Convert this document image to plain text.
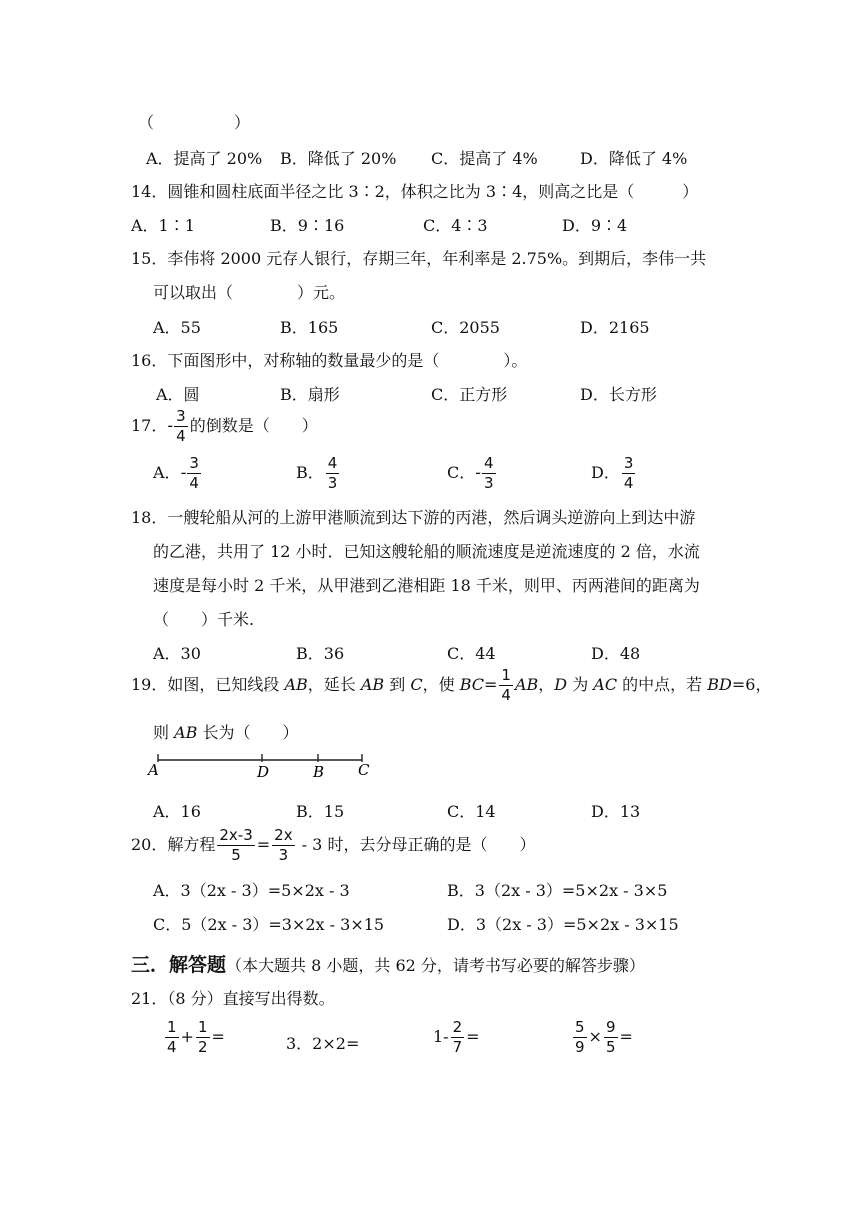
（　　　　　）
A．提高了 20% B．降低了 20% C．提高了 4%	D．降低了 4%
14．圆锥和圆柱底面半径之比 3∶2，体积之比为 3∶4，则高之比是（　　　）
A．1∶1	B．9∶16	C．4∶3	D．9∶4
15．李伟将 2000 元存人银行，存期三年，年利率是 2.75%。到期后，李伟一共
可以取出（　　　　）元。
A．55	B．165	C．2055	D．2165
16．下面图形中，对称轴的数量最少的是（　　　　）。
A．圆	B．扇形	C．正方形	D．长方形
17．- $\frac{3}{4}$ 的倒数是（　　）
A．- $\frac{3}{4}$	B． $\frac{4}{3}$	C．- $\frac{4}{3}$	D． $\frac{3}{4}$
18．一艘轮船从河的上游甲港顺流到达下游的丙港，然后调头逆游向上到达中游
的乙港，共用了 12 小时．已知这艘轮船的顺流速度是逆流速度的 2 倍，水流
速度是每小时 2 千米，从甲港到乙港相距 18 千米，则甲、丙两港间的距离为
（　　）千米.
A．30	B．36	C．44	D．48
19．如图，已知线段 AB，延长 AB 到 C，使 $BC= \frac{1}{4}$ AB，D 为 AC 的中点，若 BD=6，
则 AB 长为（　　）
A	D	B C
A．16	B．15	C．14	D．13
20．解方程 $\frac{2x-3}{5} = \frac{2x}{3} - 3$ 时，去分母正确的是（　　）
A．3（2x - 3）=5×2x - 3	B．3（2x - 3）=5×2x - 3×5
C．5（2x - 3）=3×2x - 3×15	D．3（2x - 3）=5×2x - 3×15
三．解答题（本大题共 8 小题，共 62 分，请考书写必要的解答步骤）
21．（8 分）直接写出得数。
$\frac{1}{4} + \frac{1}{2}$ =	3．2×2=	$1- \frac{2}{7}$ =	$\frac{5}{9} \times \frac{9}{5}$ =
